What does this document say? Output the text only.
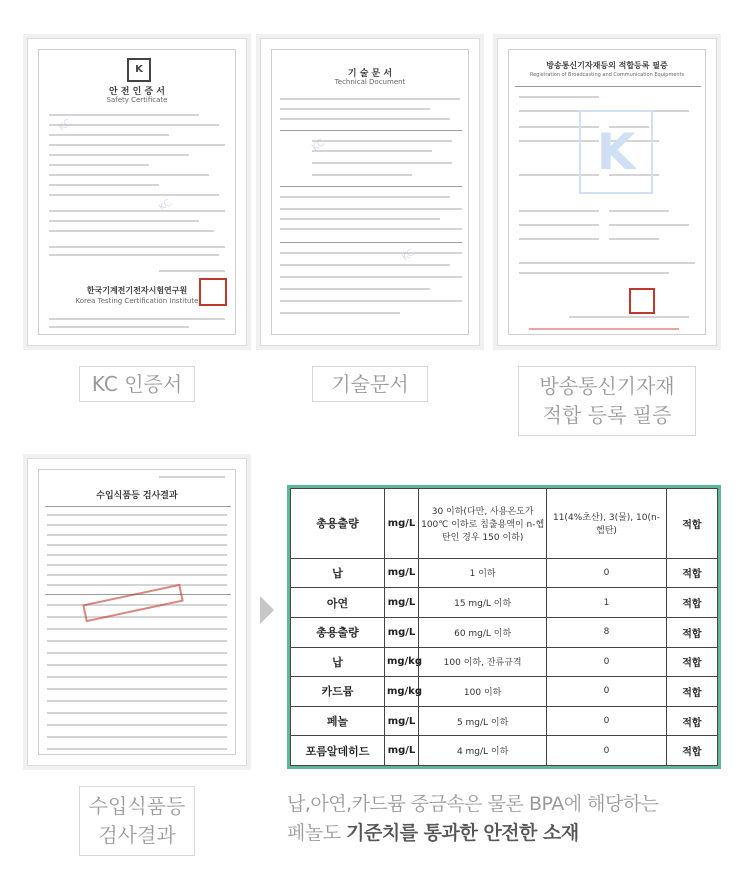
K
안 전 인 증 서
Safety Certificate
한국기계전기전자시험연구원
Korea Testing Certification Institute
KC
KC
KC 인증서
기 술 문 서
Technical Document
KC
KC
기술문서
방송통신기자재등의 적합등록 필증
Registration of Broadcasting and Communication Equipments
K
방송통신기자재
적합 등록 필증
수입식품등 검사결과
수입식품등
검사결과
총용출량	mg/L	30 이하(다만, 사용온도가 100℃ 이하로 침출용액이 n-헵탄인 경우 150 이하)	11(4%초산), 3(물), 10(n-헵탄)	적합
납	mg/L	1 이하	0	적합
아연	mg/L	15 mg/L 이하	1	적합
총용출량	mg/L	60 mg/L 이하	8	적합
납	mg/kg	100 이하, 잔류규격	0	적합
카드뮴	mg/kg	100 이하	0	적합
페놀	mg/L	5 mg/L 이하	0	적합
포름알데히드	mg/L	4 mg/L 이하	0	적합
납,아연,카드뮴 중금속은 물론 BPA에 해당하는
페놀도 기준치를 통과한 안전한 소재
